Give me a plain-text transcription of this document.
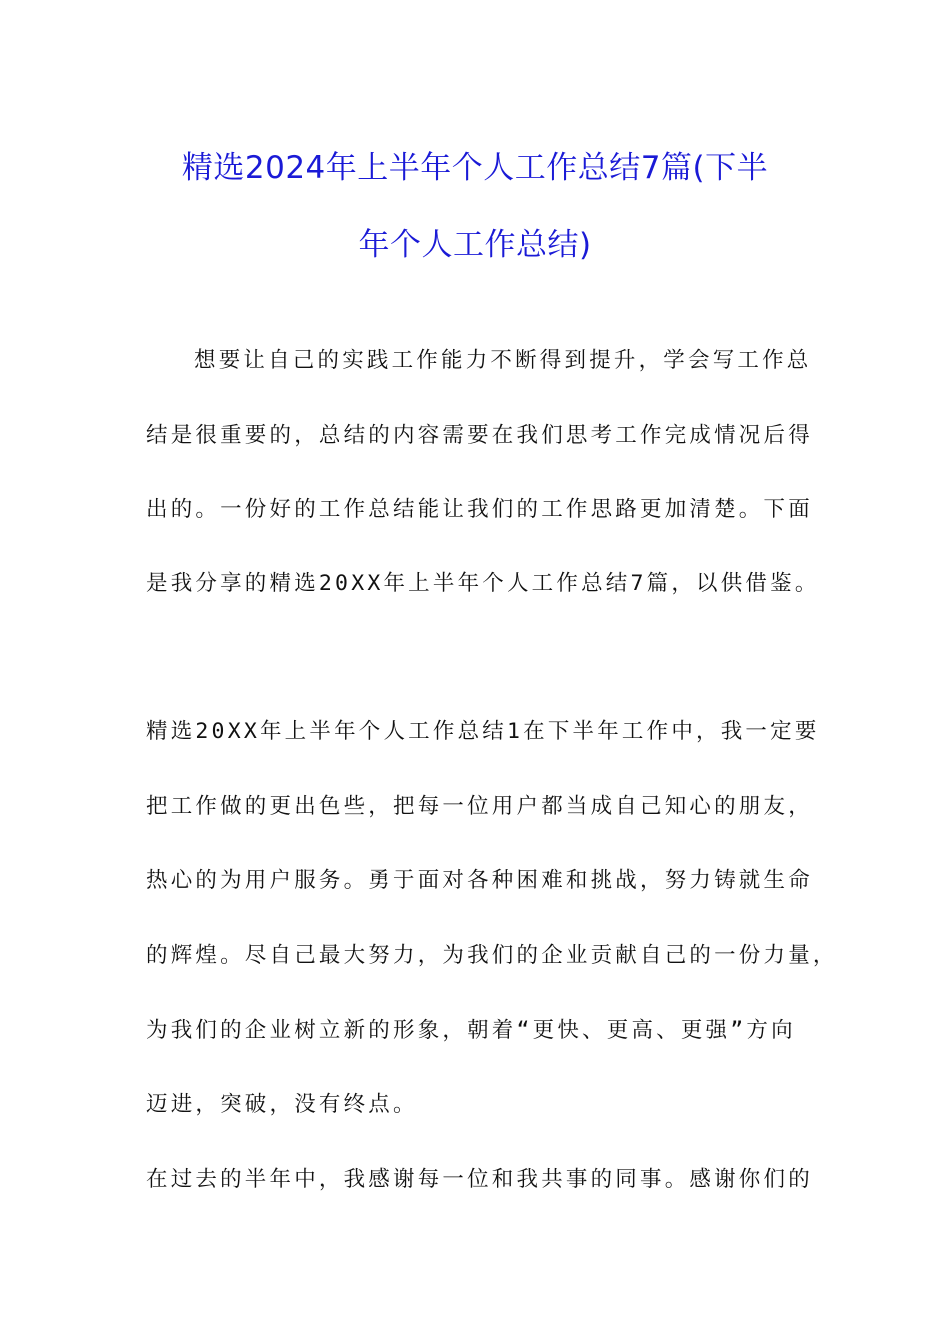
精选2024年上半年个人工作总结7篇(下半
年个人工作总结)
想要让自己的实践工作能力不断得到提升，学会写工作总
结是很重要的，总结的内容需要在我们思考工作完成情况后得
出的。一份好的工作总结能让我们的工作思路更加清楚。下面
是我分享的精选20XX年上半年个人工作总结7篇，以供借鉴。
精选20XX年上半年个人工作总结1在下半年工作中，我一定要
把工作做的更出色些，把每一位用户都当成自己知心的朋友，
热心的为用户服务。勇于面对各种困难和挑战，努力铸就生命
的辉煌。尽自己最大努力，为我们的企业贡献自己的一份力量，
为我们的企业树立新的形象，朝着“更快、更高、更强”方向
迈进，突破，没有终点。
在过去的半年中，我感谢每一位和我共事的同事。感谢你们的
